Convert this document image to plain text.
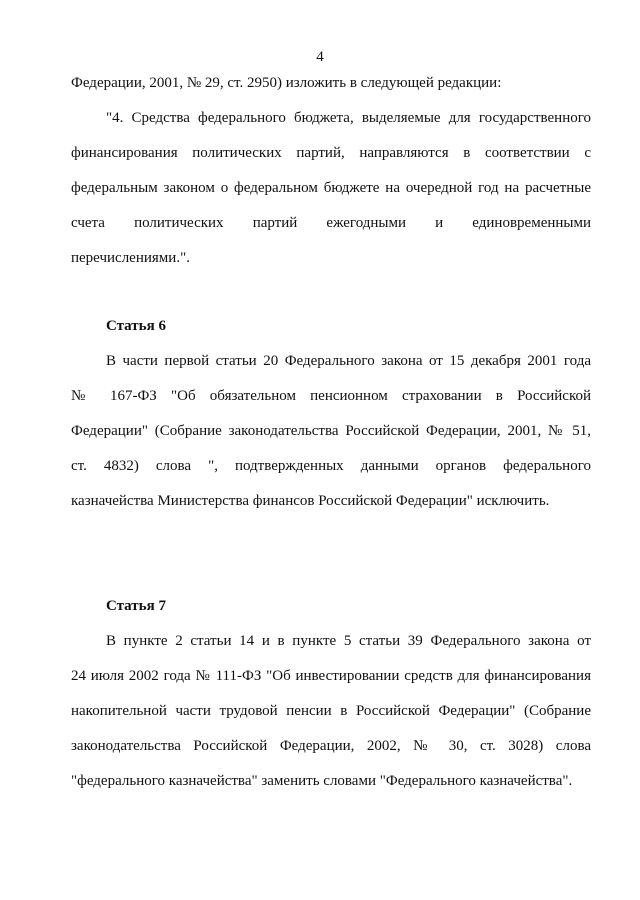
4
Федерации, 2001, № 29, ст. 2950) изложить в следующей редакции:
"4. Средства федерального бюджета, выделяемые для государственного
финансирования политических партий, направляются в соответствии с
федеральным законом о федеральном бюджете на очередной год на расчетные
счета политических партий ежегодными и единовременными
перечислениями.".
Статья 6
В части первой статьи 20 Федерального закона от 15 декабря 2001 года
№ 167-ФЗ "Об обязательном пенсионном страховании в Российской
Федерации" (Собрание законодательства Российской Федерации, 2001, № 51,
ст. 4832) слова ", подтвержденных данными органов федерального
казначейства Министерства финансов Российской Федерации" исключить.
Статья 7
В пункте 2 статьи 14 и в пункте 5 статьи 39 Федерального закона от
24 июля 2002 года № 111-ФЗ "Об инвестировании средств для финансирования
накопительной части трудовой пенсии в Российской Федерации" (Собрание
законодательства Российской Федерации, 2002, № 30, ст. 3028) слова
"федерального казначейства" заменить словами "Федерального казначейства".
